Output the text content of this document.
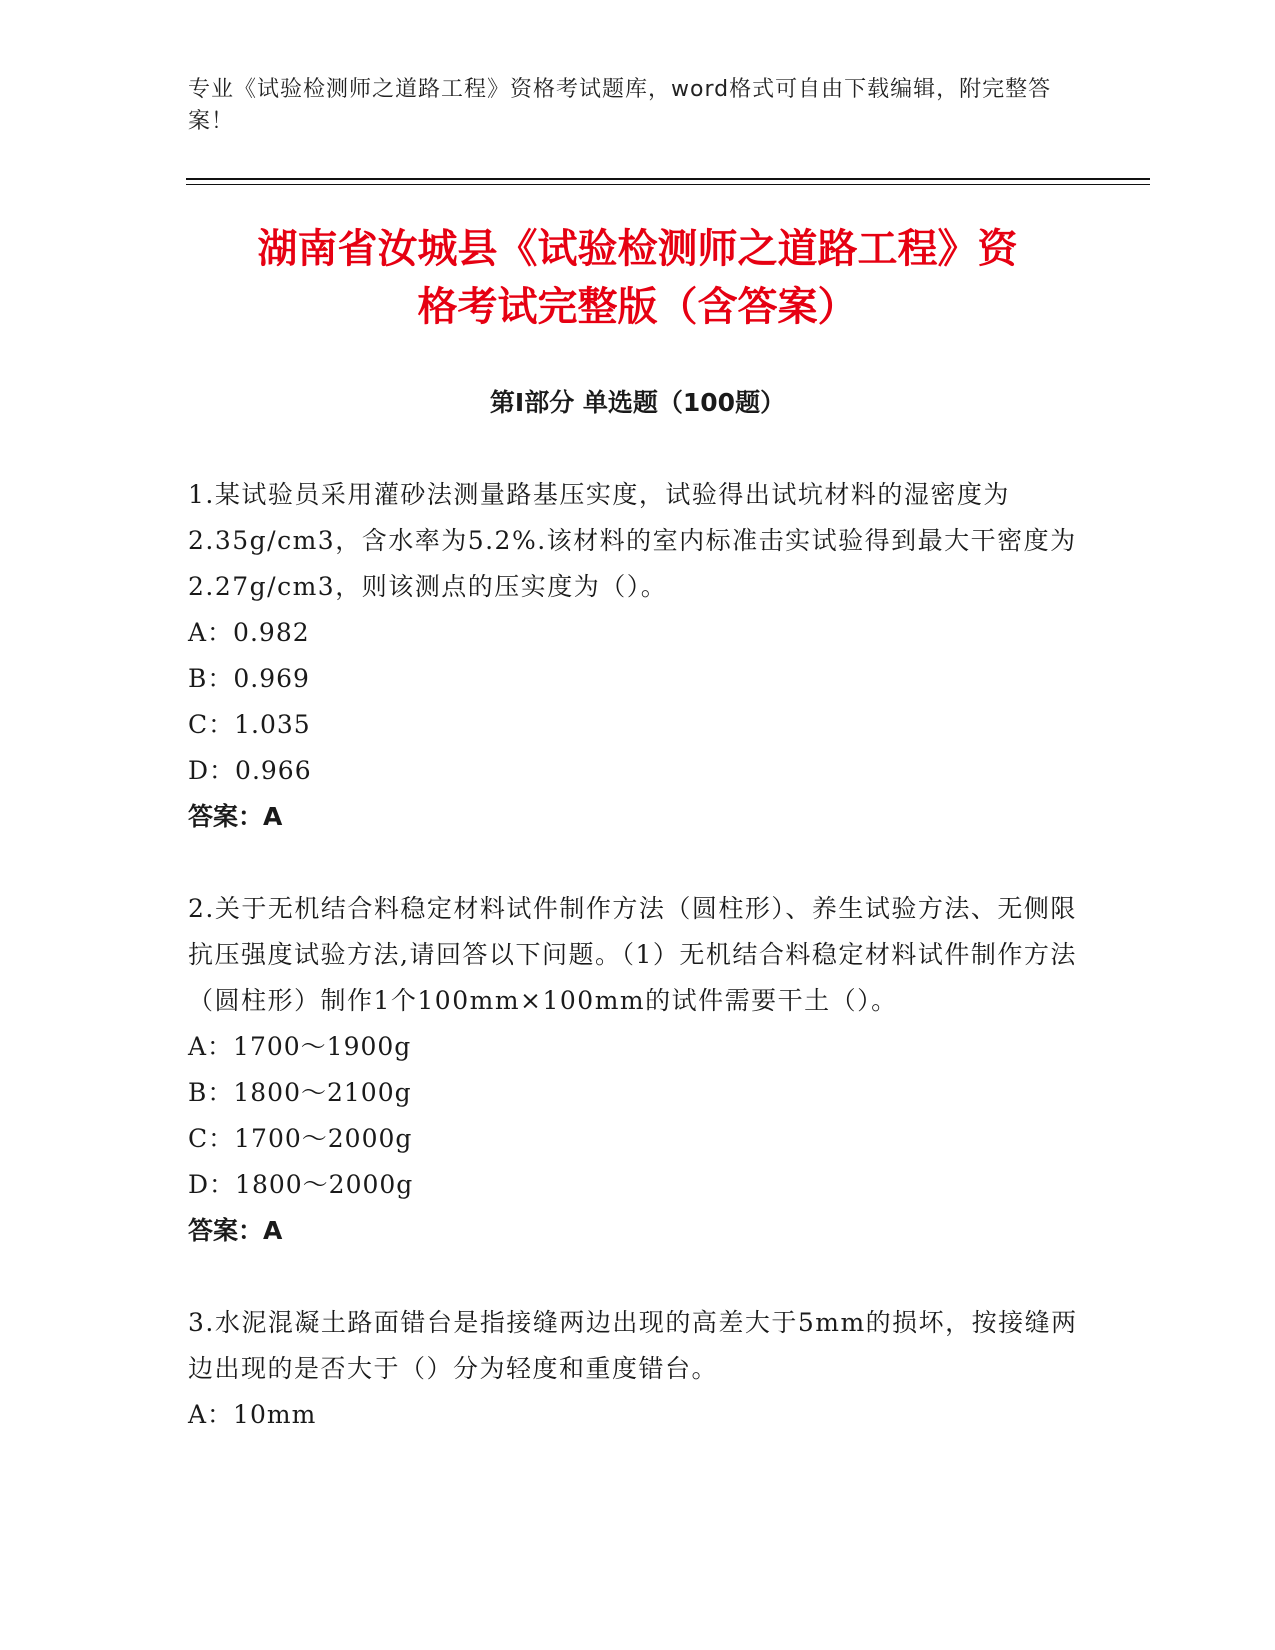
专业《试验检测师之道路工程》资格考试题库，word格式可自由下载编辑，附完整答案！
湖南省汝城县《试验检测师之道路工程》资
格考试完整版（含答案）
第Ⅰ部分 单选题（100题）

1.某试验员采用灌砂法测量路基压实度，试验得出试坑材料的湿密度为2.35g/cm3，含水率为5.2%.该材料的室内标准击实试验得到最大干密度为2.27g/cm3，则该测点的压实度为（）。

A：0.982

B：0.969

C：1.035

D：0.966

答案：A

2.关于无机结合料稳定材料试件制作方法（圆柱形）、养生试验方法、无侧限抗压强度试验方法,请回答以下问题。（1）无机结合料稳定材料试件制作方法（圆柱形）制作1个100mm×100mm的试件需要干土（）。

A：1700～1900g

B：1800～2100g

C：1700～2000g

D：1800～2000g

答案：A

3.水泥混凝土路面错台是指接缝两边出现的高差大于5mm的损坏，按接缝两边出现的是否大于（）分为轻度和重度错台。

A：10mm
